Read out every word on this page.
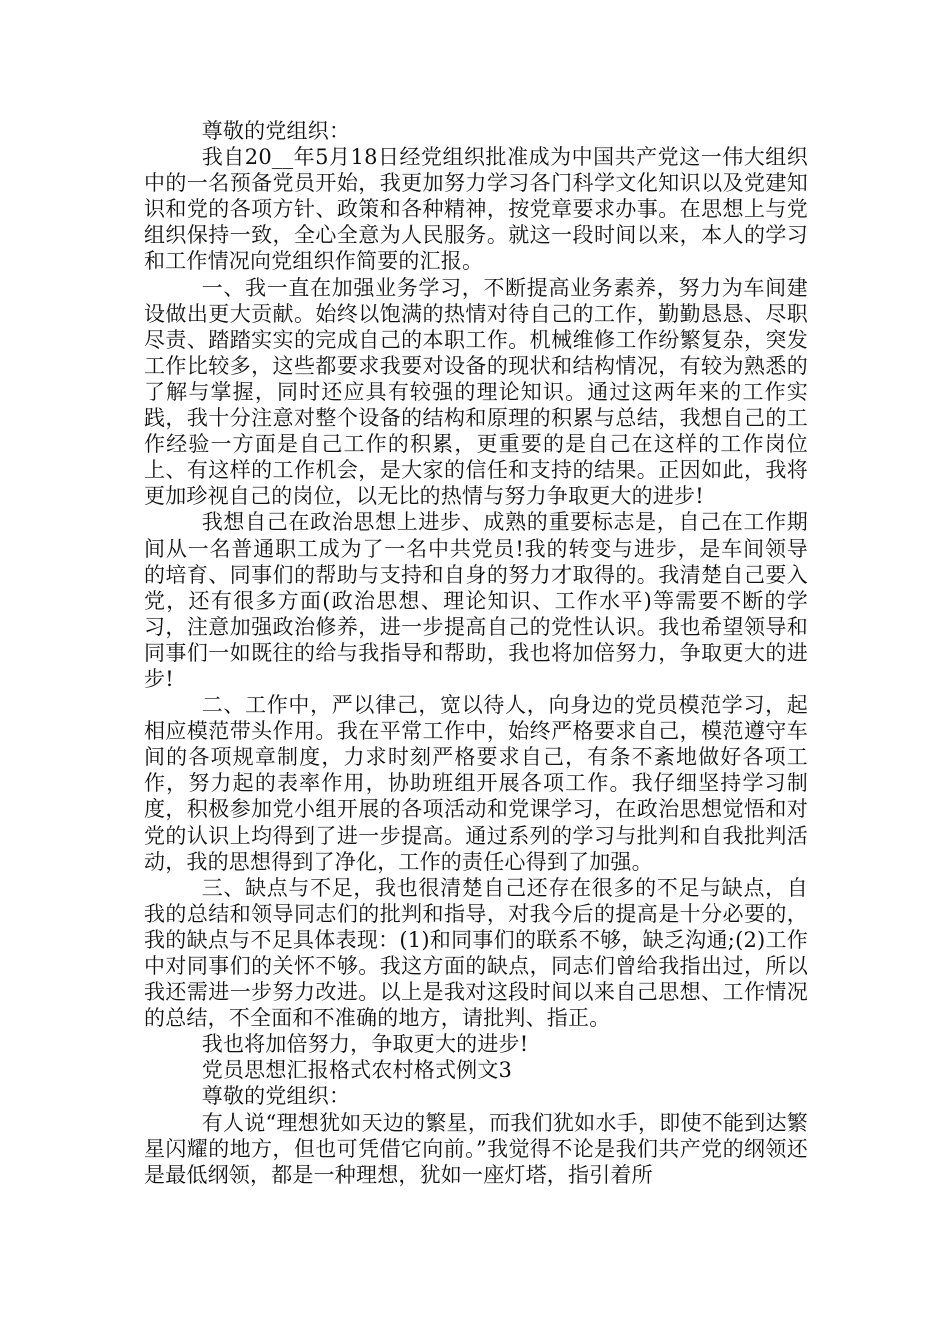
尊敬的党组织：

我自20__年5月18日经党组织批准成为中国共产党这一伟大组织中的一名预备党员开始，我更加努力学习各门科学文化知识以及党建知识和党的各项方针、政策和各种精神，按党章要求办事。在思想上与党组织保持一致，全心全意为人民服务。就这一段时间以来，本人的学习和工作情况向党组织作简要的汇报。

一、我一直在加强业务学习，不断提高业务素养，努力为车间建设做出更大贡献。始终以饱满的热情对待自己的工作，勤勤恳恳、尽职尽责、踏踏实实的完成自己的本职工作。机械维修工作纷繁复杂，突发工作比较多，这些都要求我要对设备的现状和结构情况，有较为熟悉的了解与掌握，同时还应具有较强的理论知识。通过这两年来的工作实践，我十分注意对整个设备的结构和原理的积累与总结，我想自己的工作经验一方面是自己工作的积累，更重要的是自己在这样的工作岗位上、有这样的工作机会，是大家的信任和支持的结果。正因如此，我将更加珍视自己的岗位，以无比的热情与努力争取更大的进步!

我想自己在政治思想上进步、成熟的重要标志是，自己在工作期间从一名普通职工成为了一名中共党员!我的转变与进步，是车间领导的培育、同事们的帮助与支持和自身的努力才取得的。我清楚自己要入党，还有很多方面(政治思想、理论知识、工作水平)等需要不断的学习，注意加强政治修养，进一步提高自己的党性认识。我也希望领导和同事们一如既往的给与我指导和帮助，我也将加倍努力，争取更大的进步!

二、工作中，严以律己，宽以待人，向身边的党员模范学习，起相应模范带头作用。我在平常工作中，始终严格要求自己，模范遵守车间的各项规章制度，力求时刻严格要求自己，有条不紊地做好各项工作，努力起的表率作用，协助班组开展各项工作。我仔细坚持学习制度，积极参加党小组开展的各项活动和党课学习，在政治思想觉悟和对党的认识上均得到了进一步提高。通过系列的学习与批判和自我批判活动，我的思想得到了净化，工作的责任心得到了加强。

三、缺点与不足，我也很清楚自己还存在很多的不足与缺点，自我的总结和领导同志们的批判和指导，对我今后的提高是十分必要的，我的缺点与不足具体表现：(1)和同事们的联系不够，缺乏沟通;(2)工作中对同事们的关怀不够。我这方面的缺点，同志们曾给我指出过，所以我还需进一步努力改进。以上是我对这段时间以来自己思想、工作情况的总结，不全面和不准确的地方，请批判、指正。

我也将加倍努力，争取更大的进步!

党员思想汇报格式农村格式例文3

尊敬的党组织：

有人说“理想犹如天边的繁星，而我们犹如水手，即使不能到达繁星闪耀的地方，但也可凭借它向前。”我觉得不论是我们共产党的纲领还是最低纲领，都是一种理想，犹如一座灯塔，指引着所
